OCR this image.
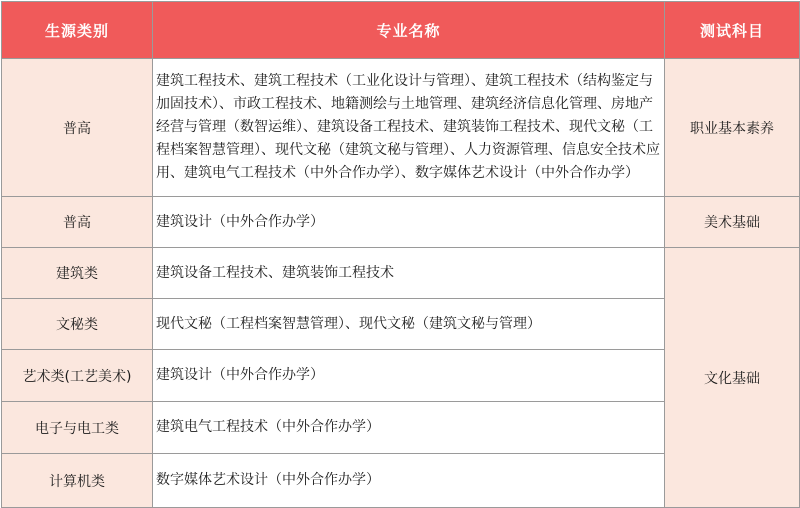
生源类别	专业名称	测试科目
普高	建筑工程技术、建筑工程技术（工业化设计与管理）、建筑工程技术（结构鉴定与加固技术）、市政工程技术、地籍测绘与土地管理、建筑经济信息化管理、房地产经营与管理（数智运维）、建筑设备工程技术、建筑装饰工程技术、现代文秘（工程档案智慧管理）、现代文秘（建筑文秘与管理）、人力资源管理、信息安全技术应用、建筑电气工程技术（中外合作办学）、数字媒体艺术设计（中外合作办学）	职业基本素养
普高	建筑设计（中外合作办学）	美术基础
建筑类	建筑设备工程技术、建筑装饰工程技术	文化基础
文秘类	现代文秘（工程档案智慧管理）、现代文秘（建筑文秘与管理）	
艺术类(工艺美术)	建筑设计（中外合作办学）	
电子与电工类	建筑电气工程技术（中外合作办学）	
计算机类	数字媒体艺术设计（中外合作办学）	
